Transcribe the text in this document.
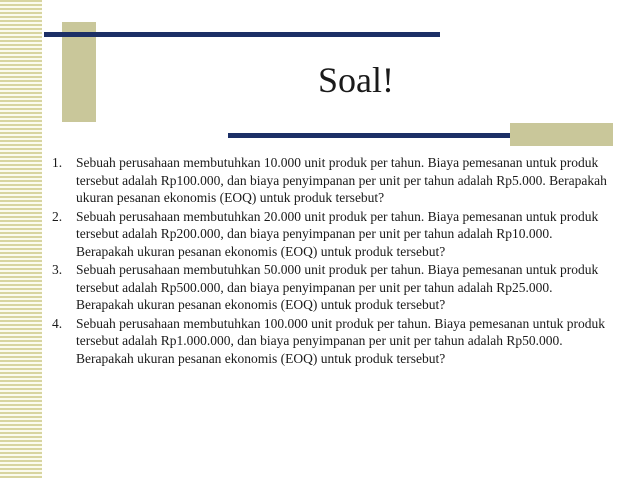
Soal!
1. Sebuah perusahaan membutuhkan 10.000 unit produk per tahun. Biaya pemesanan untuk produk tersebut adalah Rp100.000, dan biaya penyimpanan per unit per tahun adalah Rp5.000. Berapakah ukuran pesanan ekonomis (EOQ) untuk produk tersebut?
2. Sebuah perusahaan membutuhkan 20.000 unit produk per tahun. Biaya pemesanan untuk produk tersebut adalah Rp200.000, dan biaya penyimpanan per unit per tahun adalah Rp10.000. Berapakah ukuran pesanan ekonomis (EOQ) untuk produk tersebut?
3. Sebuah perusahaan membutuhkan 50.000 unit produk per tahun. Biaya pemesanan untuk produk tersebut adalah Rp500.000, dan biaya penyimpanan per unit per tahun adalah Rp25.000. Berapakah ukuran pesanan ekonomis (EOQ) untuk produk tersebut?
4. Sebuah perusahaan membutuhkan 100.000 unit produk per tahun. Biaya pemesanan untuk produk tersebut adalah Rp1.000.000, dan biaya penyimpanan per unit per tahun adalah Rp50.000. Berapakah ukuran pesanan ekonomis (EOQ) untuk produk tersebut?
